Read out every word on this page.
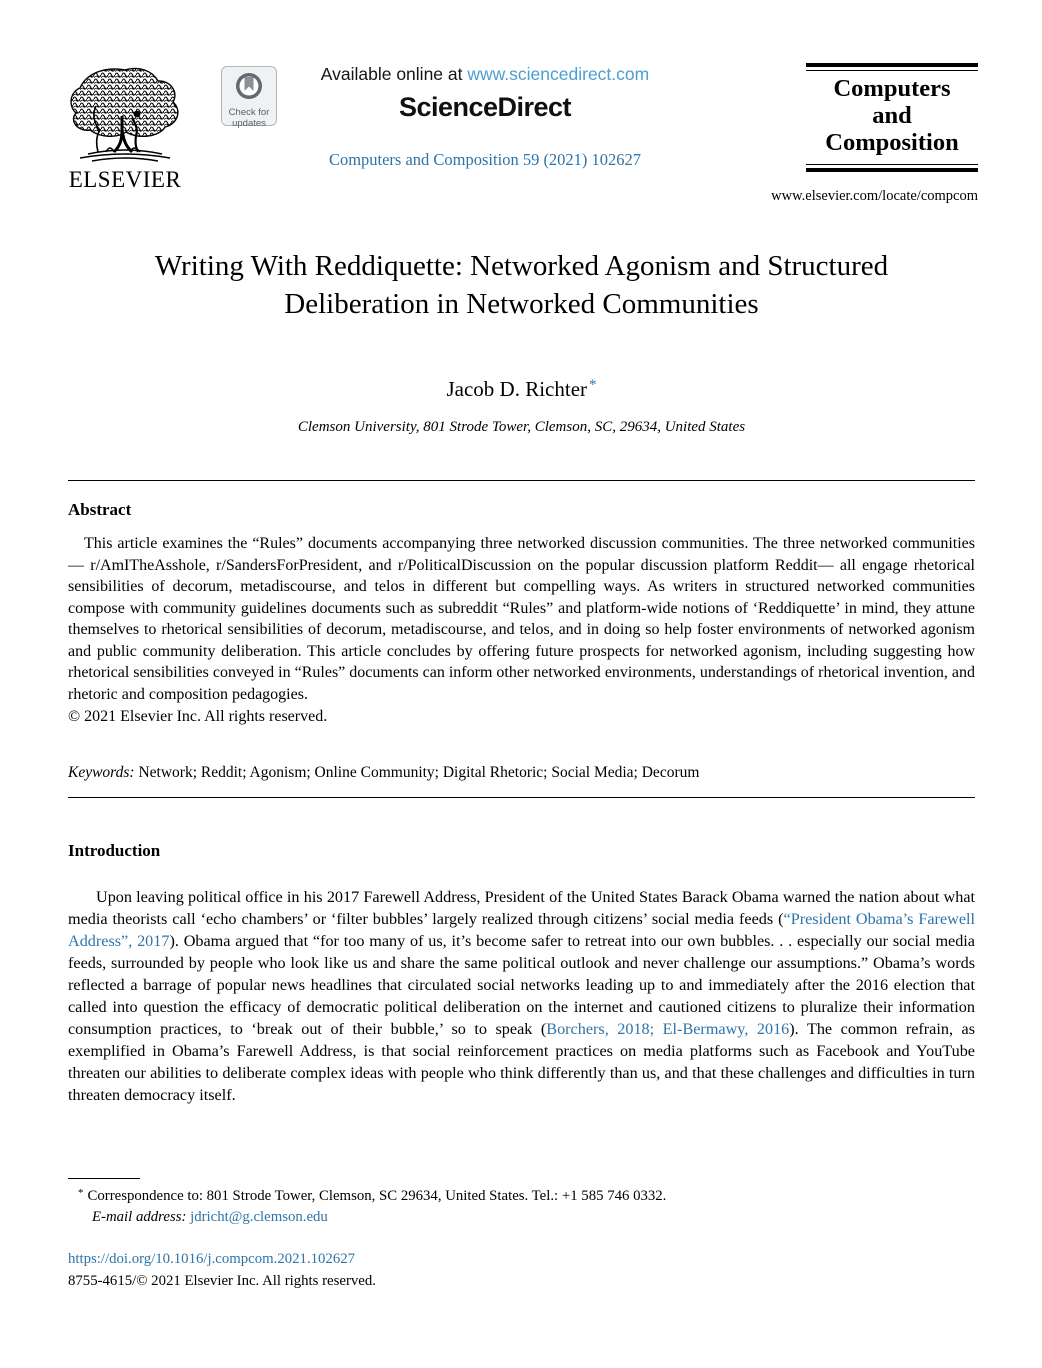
ELSEVIER
Check for
updates
Available online at www.sciencedirect.com
ScienceDirect
Computers and Composition 59 (2021) 102627
Computers
and
Composition
www.elsevier.com/locate/compcom
Writing With Reddiquette: Networked Agonism and Structured Deliberation in Networked Communities
Jacob D. Richter *
Clemson University, 801 Strode Tower, Clemson, SC, 29634, United States
Abstract

This article examines the “Rules” documents accompanying three networked discussion communities. The three networked communities— r/AmITheAsshole, r/SandersForPresident, and r/PoliticalDiscussion on the popular discussion platform Reddit— all engage rhetorical sensibilities of decorum, metadiscourse, and telos in different but compelling ways. As writers in structured networked communities compose with community guidelines documents such as subreddit “Rules” and platform-wide notions of ‘Reddiquette’ in mind, they attune themselves to rhetorical sensibilities of decorum, metadiscourse, and telos, and in doing so help foster environments of networked agonism and public community deliberation. This article concludes by offering future prospects for networked agonism, including suggesting how rhetorical sensibilities conveyed in “Rules” documents can inform other networked environments, understandings of rhetorical invention, and rhetoric and composition pedagogies.

© 2021 Elsevier Inc. All rights reserved.

Keywords: Network; Reddit; Agonism; Online Community; Digital Rhetoric; Social Media; Decorum
Introduction

Upon leaving political office in his 2017 Farewell Address, President of the United States Barack Obama warned the nation about what media theorists call ‘echo chambers’ or ‘filter bubbles’ largely realized through citizens’ social media feeds (“President Obama’s Farewell Address”, 2017). Obama argued that “for too many of us, it’s become safer to retreat into our own bubbles. . . especially our social media feeds, surrounded by people who look like us and share the same political outlook and never challenge our assumptions.” Obama’s words reflected a barrage of popular news headlines that circulated social networks leading up to and immediately after the 2016 election that called into question the efficacy of democratic political deliberation on the internet and cautioned citizens to pluralize their information consumption practices, to ‘break out of their bubble,’ so to speak (Borchers, 2018; El-Bermawy, 2016). The common refrain, as exemplified in Obama’s Farewell Address, is that social reinforcement practices on media platforms such as Facebook and YouTube threaten our abilities to deliberate complex ideas with people who think differently than us, and that these challenges and difficulties in turn threaten democracy itself.

* Correspondence to: 801 Strode Tower, Clemson, SC 29634, United States. Tel.: +1 585 746 0332.
E-mail address: jdricht@g.clemson.edu
https://doi.org/10.1016/j.compcom.2021.102627
8755-4615/© 2021 Elsevier Inc. All rights reserved.
